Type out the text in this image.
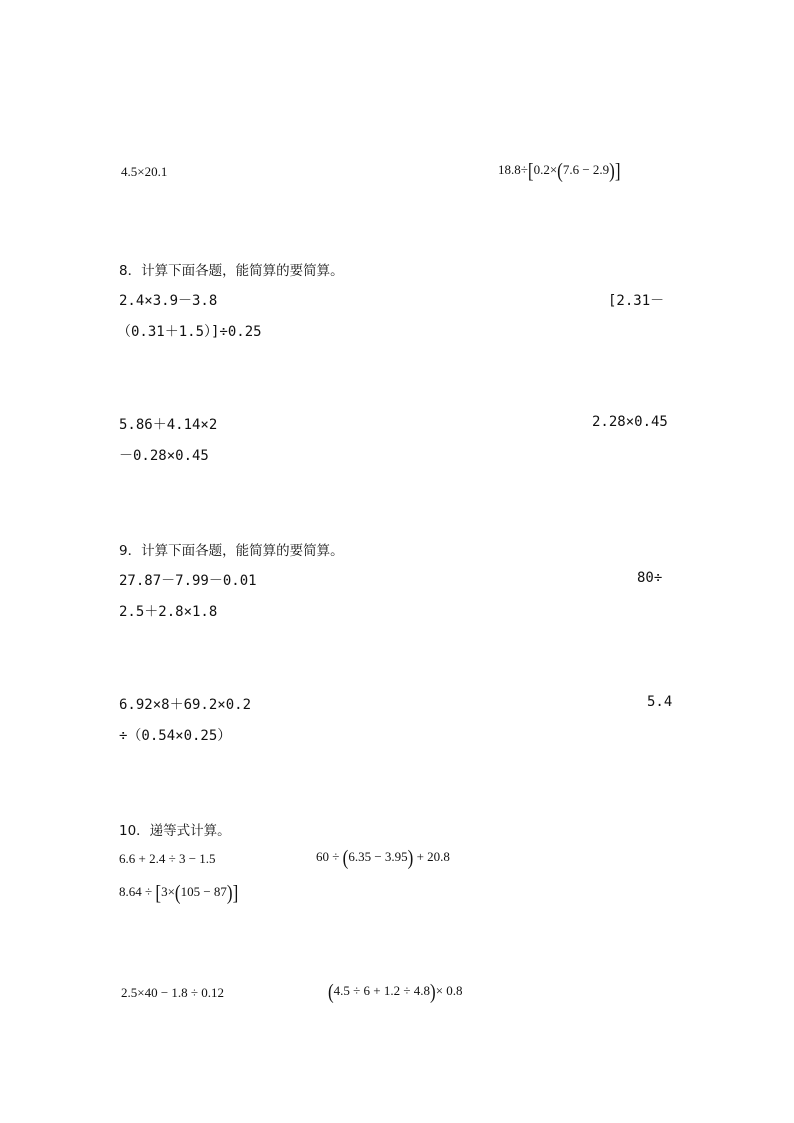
4.5×20.1	18.8÷[0.2×(7.6 − 2.9)]
8．计算下面各题，能简算的要简算。
2.4×3.9－3.8	[2.31－
（0.31＋1.5）]÷0.25
5.86＋4.14×2	2.28×0.45
－0.28×0.45
9．计算下面各题，能简算的要简算。
27.87－7.99－0.01	80÷
2.5＋2.8×1.8
6.92×8＋69.2×0.2	5.4
÷（0.54×0.25）
10．递等式计算。
6.6 + 2.4 ÷ 3 − 1.5	60 ÷ (6.35 − 3.95) + 20.8
8.64 ÷ [3×(105 − 87)]
2.5×40 − 1.8 ÷ 0.12	(4.5 ÷ 6 + 1.2 ÷ 4.8)× 0.8
